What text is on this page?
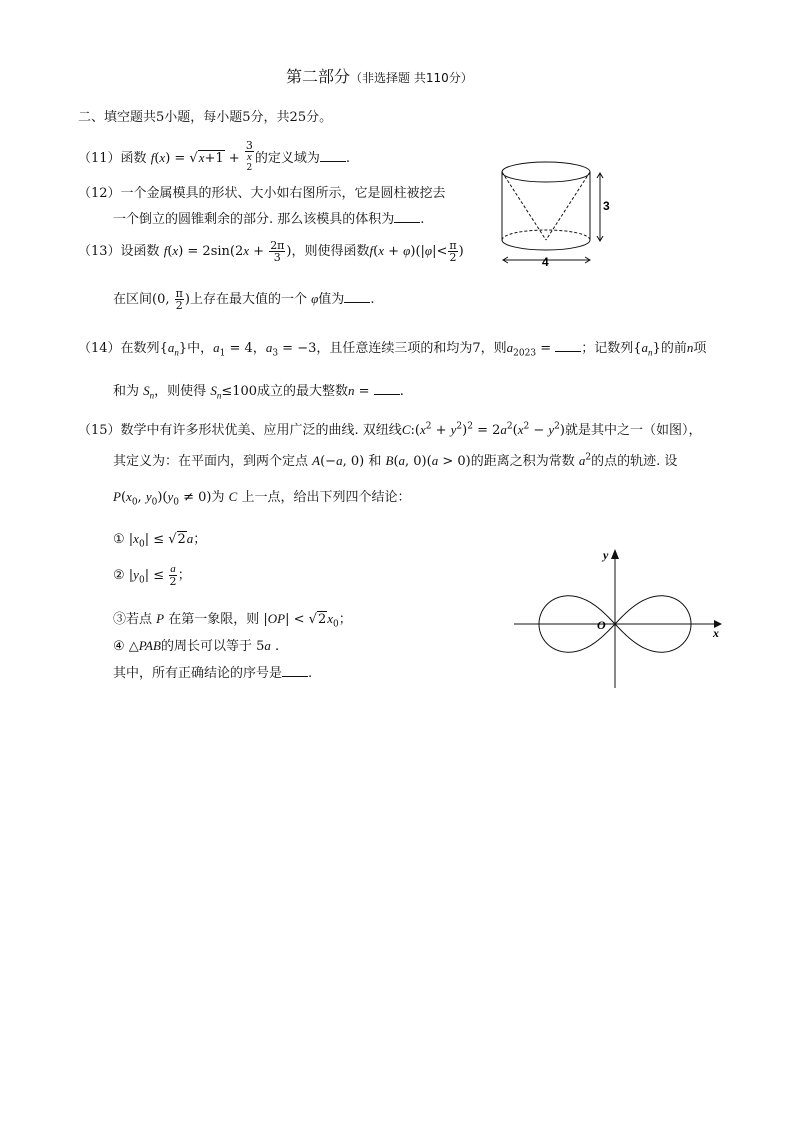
第二部分（非选择题 共110分）
二、填空题共5小题，每小题5分，共25分。
（11）函数 f(x) = √x+1 + 3
x
$^2$ 的定义域为 .
（12）一个金属模具的形状、大小如右图所示，它是圆柱被挖去
一个倒立的圆锥剩余的部分. 那么该模具的体积为 .
（13）设函数 $f(x) = 2\sin(2x + \frac{2\pi}{3}$ )，则使得函数$f(x + \varphi)(|\varphi|< \frac{\pi}{2}$ )
在区间(0, $\frac{\pi}{2}$ )上存在最大值的一个 φ值为 .
（14）在数列$\{a_n\}$中，$a_1 = 4$，$a_3 = -3$，且任意连续三项的和均为7，则$a_{2023}$ = ；记数列$\{a_n\}$的前n项
和为 $S_n$，则使得 $S_n\le 100$成立的最大整数n = .
（15）数学中有许多形状优美、应用广泛的曲线. 双纽线$C:(x^2 + y^2)^2 = 2a^2(x^2 - y^2)$就是其中之一（如图），
其定义为：在平面内，到两个定点 A(−a, 0) 和 B(a, 0)(a > 0)的距离之积为常数 $a^2$的点的轨迹. 设
$P(x_0$, $y_0)(y_0 \ne 0)$为 C 上一点，给出下列四个结论：
① $|x_0| \le √2a$；
② $|y_0| \le \frac{a}{2}$ ；
③若点 P 在第一象限，则 $|OP| < √2x_0$；
④ △PAB的周长可以等于 5a .
其中，所有正确结论的序号是 .
3
4
x
y
O
